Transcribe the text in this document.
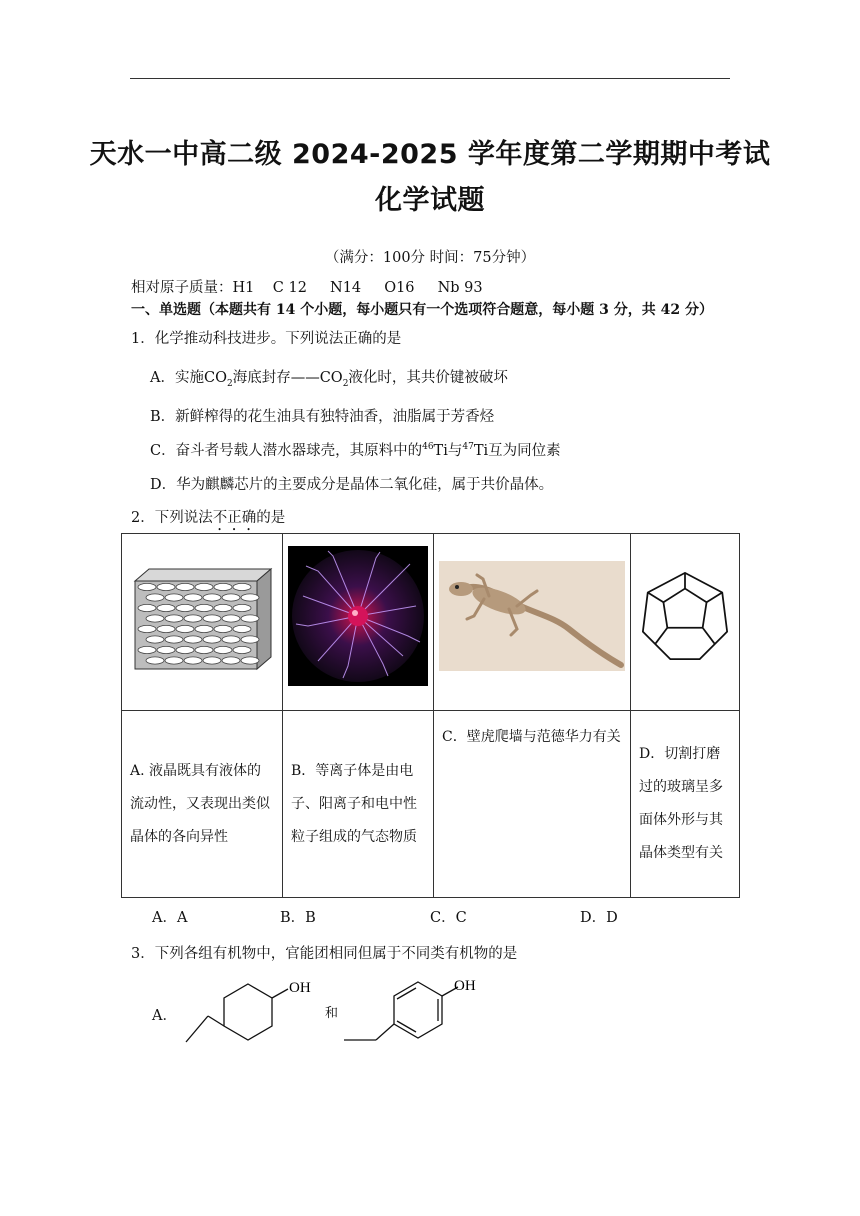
天水一中高二级 2024-2025 学年度第二学期期中考试
化学试题
（满分：100分 时间：75分钟）
相对原子质量：H1    C 12     N14     O16     Nb 93
一、单选题（本题共有 14 个小题，每小题只有一个选项符合题意，每小题 3 分，共 42 分）
1．化学推动科技进步。下列说法正确的是
A．实施$CO_2$海底封存$——CO_2$液化时，其共价键被破坏
B．新鲜榨得的花生油具有独特油香，油脂属于芳香烃
C．奋斗者号载人潜水器球壳，其原料中的$^{46}$Ti与$^{47}$Ti互为同位素
D．华为麒麟芯片的主要成分是晶体二氧化硅，属于共价晶体。
2．下列说法不正确的是

A. 液晶既具有液体的流动性，又表现出类似晶体的各向异性	B．等离子体是由电子、阳离子和电中性粒子组成的气态物质	C．壁虎爬墙与范德华力有关	D．切割打磨过的玻璃呈多面体外形与其晶体类型有关
A．A	B．B	C．C	D．D
3．下列各组有机物中，官能团相同但属于不同类有机物的是
A．
OH
和
OH
